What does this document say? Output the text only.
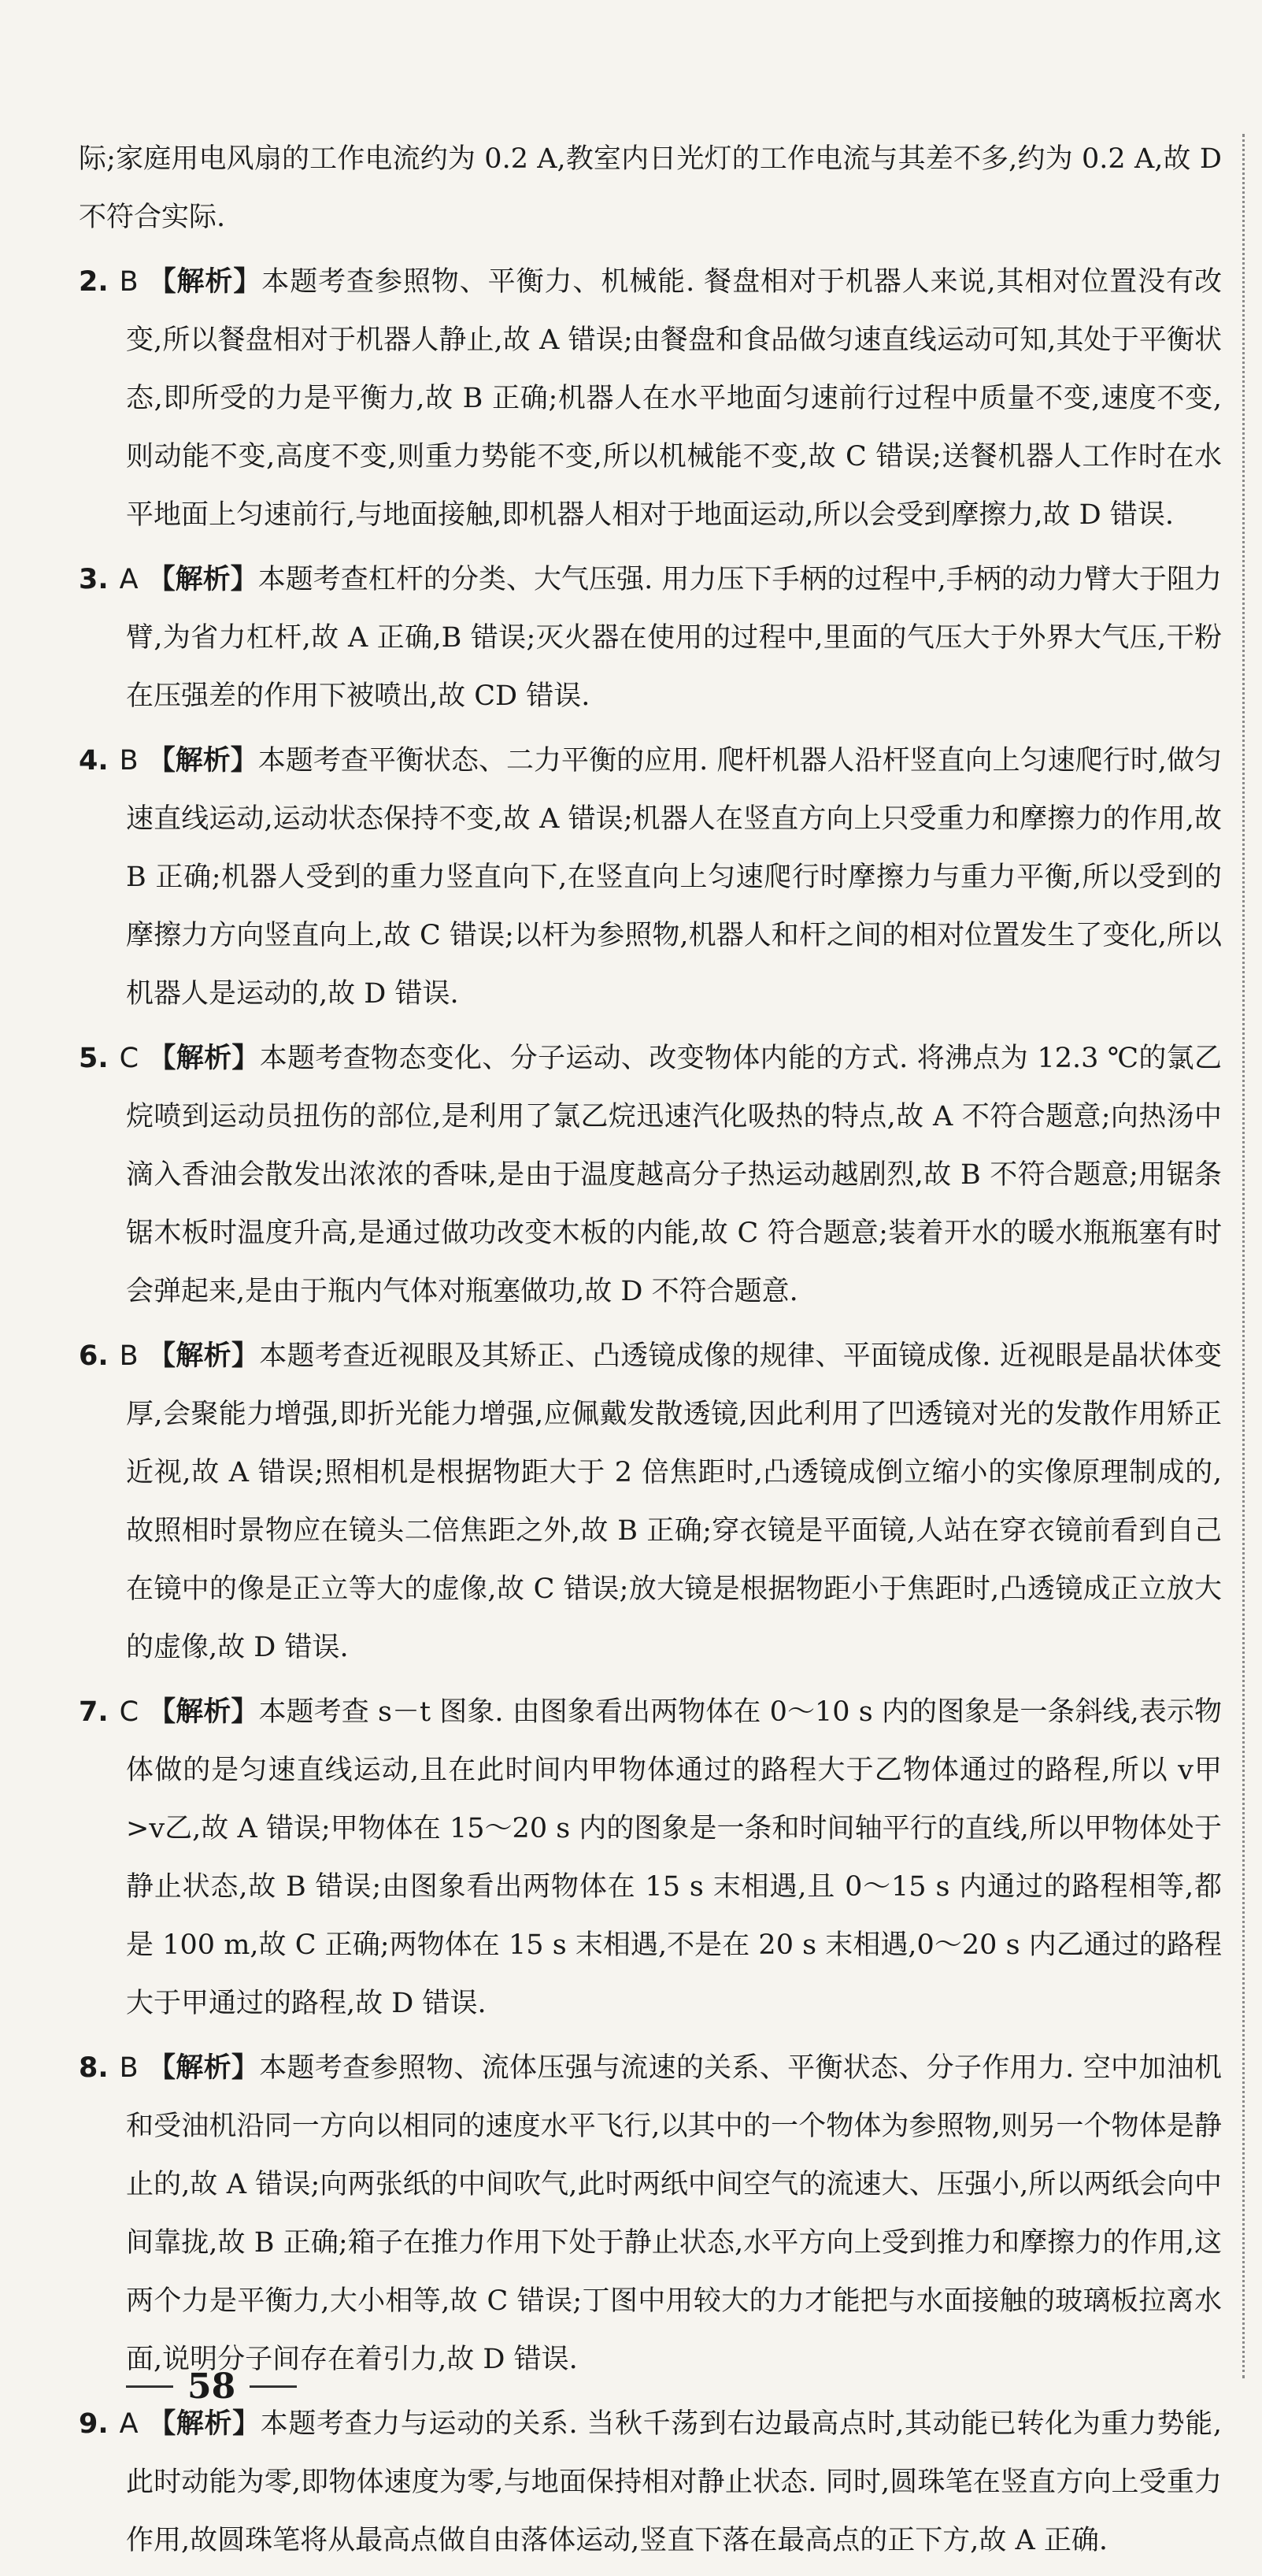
际;家庭用电风扇的工作电流约为 0.2 A,教室内日光灯的工作电流与其差不多,约为 0.2 A,故 D 不符合实际.

2. B 【解析】本题考查参照物、平衡力、机械能. 餐盘相对于机器人来说,其相对位置没有改变,所以餐盘相对于机器人静止,故 A 错误;由餐盘和食品做匀速直线运动可知,其处于平衡状态,即所受的力是平衡力,故 B 正确;机器人在水平地面匀速前行过程中质量不变,速度不变,则动能不变,高度不变,则重力势能不变,所以机械能不变,故 C 错误;送餐机器人工作时在水平地面上匀速前行,与地面接触,即机器人相对于地面运动,所以会受到摩擦力,故 D 错误.

3. A 【解析】本题考查杠杆的分类、大气压强. 用力压下手柄的过程中,手柄的动力臂大于阻力臂,为省力杠杆,故 A 正确,B 错误;灭火器在使用的过程中,里面的气压大于外界大气压,干粉在压强差的作用下被喷出,故 CD 错误.

4. B 【解析】本题考查平衡状态、二力平衡的应用. 爬杆机器人沿杆竖直向上匀速爬行时,做匀速直线运动,运动状态保持不变,故 A 错误;机器人在竖直方向上只受重力和摩擦力的作用,故 B 正确;机器人受到的重力竖直向下,在竖直向上匀速爬行时摩擦力与重力平衡,所以受到的摩擦力方向竖直向上,故 C 错误;以杆为参照物,机器人和杆之间的相对位置发生了变化,所以机器人是运动的,故 D 错误.

5. C 【解析】本题考查物态变化、分子运动、改变物体内能的方式. 将沸点为 12.3 ℃的氯乙烷喷到运动员扭伤的部位,是利用了氯乙烷迅速汽化吸热的特点,故 A 不符合题意;向热汤中滴入香油会散发出浓浓的香味,是由于温度越高分子热运动越剧烈,故 B 不符合题意;用锯条锯木板时温度升高,是通过做功改变木板的内能,故 C 符合题意;装着开水的暖水瓶瓶塞有时会弹起来,是由于瓶内气体对瓶塞做功,故 D 不符合题意.

6. B 【解析】本题考查近视眼及其矫正、凸透镜成像的规律、平面镜成像. 近视眼是晶状体变厚,会聚能力增强,即折光能力增强,应佩戴发散透镜,因此利用了凹透镜对光的发散作用矫正近视,故 A 错误;照相机是根据物距大于 2 倍焦距时,凸透镜成倒立缩小的实像原理制成的,故照相时景物应在镜头二倍焦距之外,故 B 正确;穿衣镜是平面镜,人站在穿衣镜前看到自己在镜中的像是正立等大的虚像,故 C 错误;放大镜是根据物距小于焦距时,凸透镜成正立放大的虚像,故 D 错误.

7. C 【解析】本题考查 s－t 图象. 由图象看出两物体在 0～10 s 内的图象是一条斜线,表示物体做的是匀速直线运动,且在此时间内甲物体通过的路程大于乙物体通过的路程,所以 v甲 >v乙,故 A 错误;甲物体在 15～20 s 内的图象是一条和时间轴平行的直线,所以甲物体处于静止状态,故 B 错误;由图象看出两物体在 15 s 末相遇,且 0～15 s 内通过的路程相等,都是 100 m,故 C 正确;两物体在 15 s 末相遇,不是在 20 s 末相遇,0～20 s 内乙通过的路程大于甲通过的路程,故 D 错误.

8. B 【解析】本题考查参照物、流体压强与流速的关系、平衡状态、分子作用力. 空中加油机和受油机沿同一方向以相同的速度水平飞行,以其中的一个物体为参照物,则另一个物体是静止的,故 A 错误;向两张纸的中间吹气,此时两纸中间空气的流速大、压强小,所以两纸会向中间靠拢,故 B 正确;箱子在推力作用下处于静止状态,水平方向上受到推力和摩擦力的作用,这两个力是平衡力,大小相等,故 C 错误;丁图中用较大的力才能把与水面接触的玻璃板拉离水面,说明分子间存在着引力,故 D 错误.

9. A 【解析】本题考查力与运动的关系. 当秋千荡到右边最高点时,其动能已转化为重力势能,此时动能为零,即物体速度为零,与地面保持相对静止状态. 同时,圆珠笔在竖直方向上受重力作用,故圆珠笔将从最高点做自由落体运动,竖直下落在最高点的正下方,故 A 正确.

58
